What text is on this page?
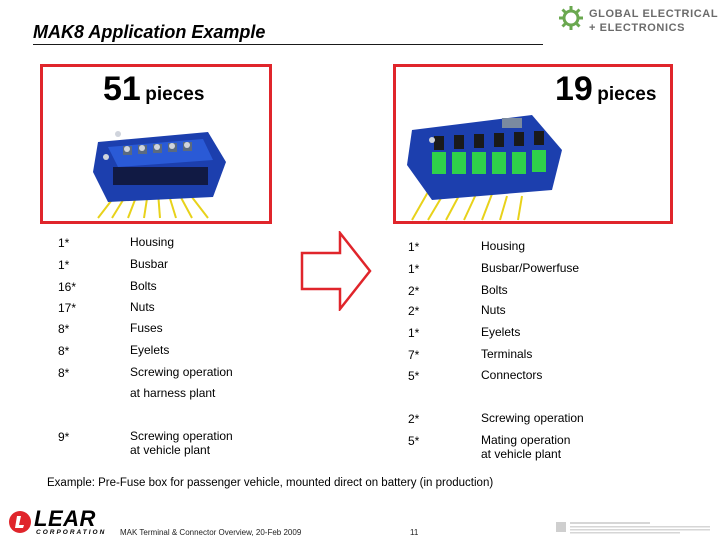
MAK8 Application Example
GLOBAL ELECTRICAL
+ ELECTRONICS
51 pieces	19 pieces
1*	Housing
1*	Busbar
16*	Bolts
17*	Nuts
8*	Fuses
8*	Eyelets
8*	Screwing operation
at harness plant
9*	Screwing operation
at vehicle plant
1*	Housing
1*	Busbar/Powerfuse
2*	Bolts
2*	Nuts
1*	Eyelets
7*	Terminals
5*	Connectors
2*	Screwing operation
5*	Mating operation
at vehicle plant
Example: Pre-Fuse box for passenger vehicle, mounted direct on battery (in production)
LEAR
CORPORATION MAK Terminal & Connector Overview, 20-Feb 2009	11
